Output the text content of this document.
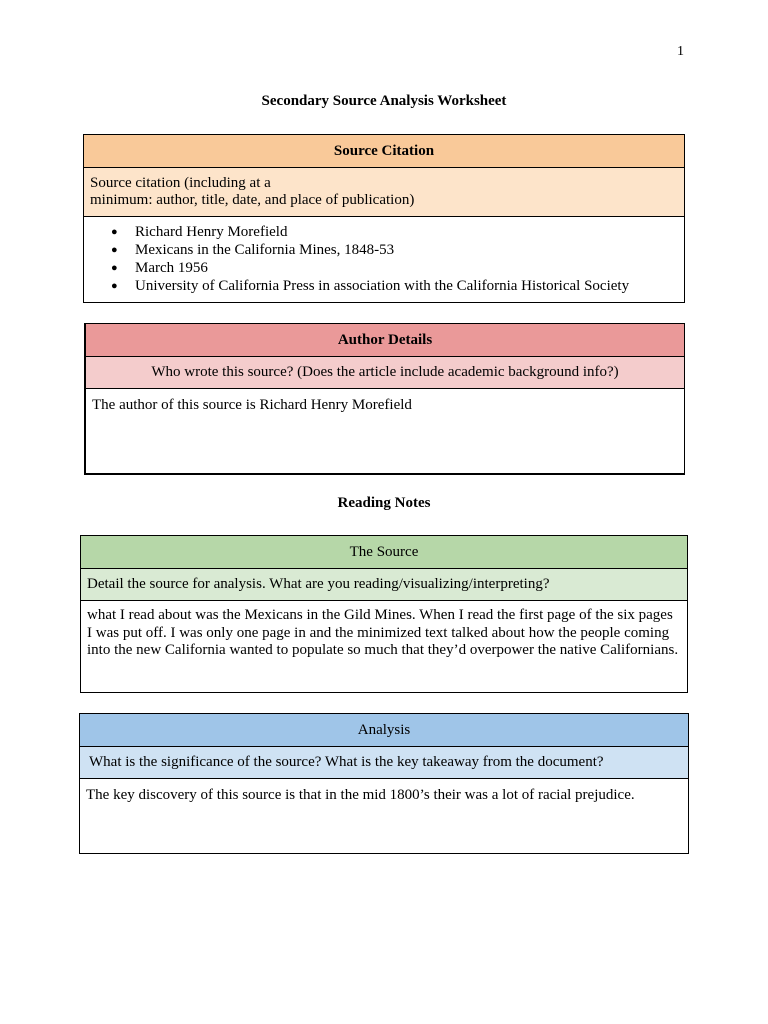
1
Secondary Source Analysis Worksheet
Source Citation

Source citation (including at a
minimum: author, title, date, and place of publication)

● Richard Henry Morefield
● Mexicans in the California Mines, 1848-53
● March 1956
● University of California Press in association with the California Historical Society
Author Details
Who wrote this source? (Does the article include academic background info?)
The author of this source is Richard Henry Morefield
Reading Notes
The Source
Detail the source for analysis. What are you reading/visualizing/interpreting?

what I read about was the Mexicans in the Gild Mines. When I read the first page of the six pages
I was put off. I was only one page in and the minimized text talked about how the people coming
into the new California wanted to populate so much that they’d overpower the native Californians.
Analysis
What is the significance of the source? What is the key takeaway from the document?
The key discovery of this source is that in the mid 1800’s their was a lot of racial prejudice.
